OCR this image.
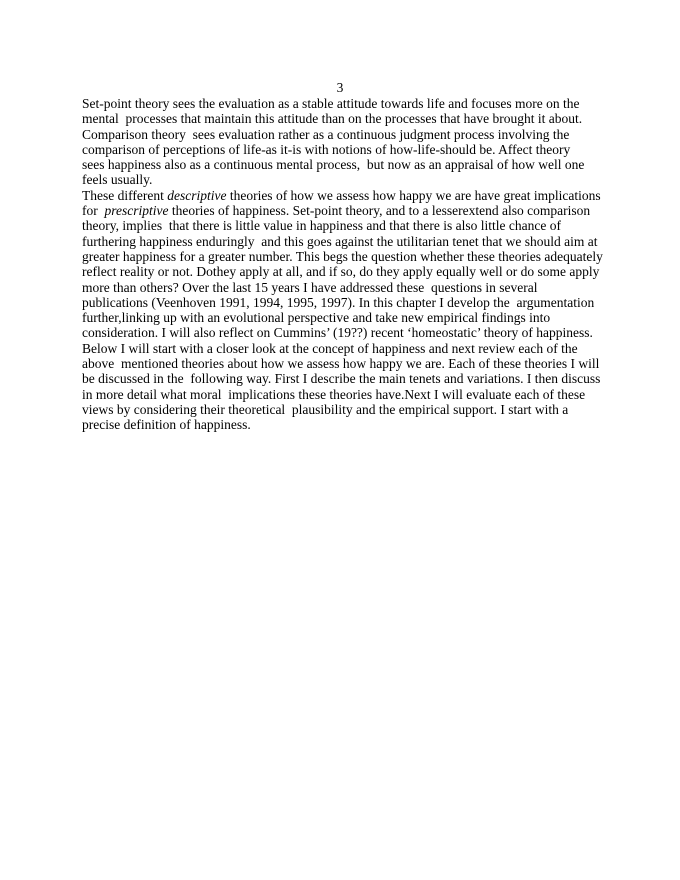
3
Set-point theory sees the evaluation as a stable attitude towards life and focuses more on the
mental  processes that maintain this attitude than on the processes that have brought it about.
Comparison theory  sees evaluation rather as a continuous judgment process involving the
comparison of perceptions of life-as it-is with notions of how-life-should be. Affect theory
sees happiness also as a continuous mental process,  but now as an appraisal of how well one
feels usually.
These different descriptive theories of how we assess how happy we are have great implications
for  prescriptive theories of happiness. Set-point theory, and to a lesserextend also comparison
theory, implies  that there is little value in happiness and that there is also little chance of
furthering happiness enduringly  and this goes against the utilitarian tenet that we should aim at
greater happiness for a greater number. This begs the question whether these theories adequately
reflect reality or not. Dothey apply at all, and if so, do they apply equally well or do some apply
more than others? Over the last 15 years I have addressed these  questions in several
publications (Veenhoven 1991, 1994, 1995, 1997). In this chapter I develop the  argumentation
further,linking up with an evolutional perspective and take new empirical findings into
consideration. I will also reflect on Cummins’ (19??) recent ‘homeostatic’ theory of happiness.
Below I will start with a closer look at the concept of happiness and next review each of the
above  mentioned theories about how we assess how happy we are. Each of these theories I will
be discussed in the  following way. First I describe the main tenets and variations. I then discuss
in more detail what moral  implications these theories have.Next I will evaluate each of these
views by considering their theoretical  plausibility and the empirical support. I start with a
precise definition of happiness.
